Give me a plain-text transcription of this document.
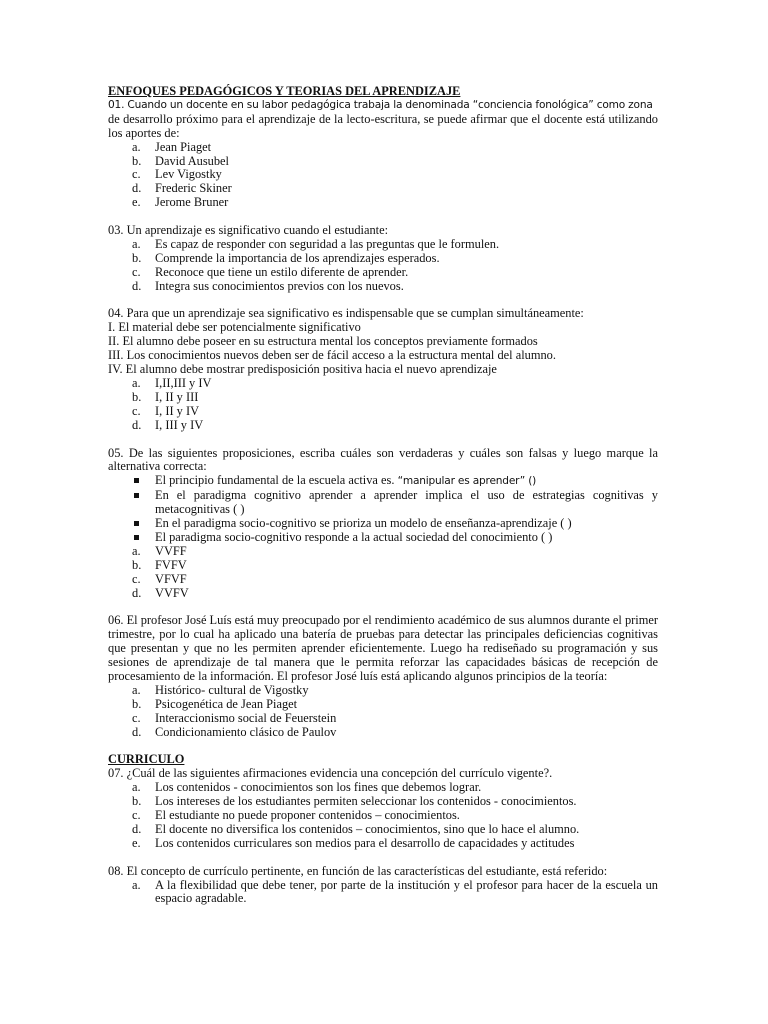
ENFOQUES PEDAGÓGICOS Y TEORIAS DEL APRENDIZAJE

01. Cuando un docente en su labor pedagógica trabaja la denominada “conciencia fonológica” como zona

de desarrollo próximo para el aprendizaje de la lecto-escritura, se puede afirmar que el docente está utilizando los aportes de:

a. Jean Piaget
b. David Ausubel
c. Lev Vigostky
d. Frederic Skiner
e. Jerome Bruner

03. Un aprendizaje es significativo cuando el estudiante:

a. Es capaz de responder con seguridad a las preguntas que le formulen.
b. Comprende la importancia de los aprendizajes esperados.
c. Reconoce que tiene un estilo diferente de aprender.
d. Integra sus conocimientos previos con los nuevos.

04. Para que un aprendizaje sea significativo es indispensable que se cumplan simultáneamente:

I. El material debe ser potencialmente significativo

II. El alumno debe poseer en su estructura mental los conceptos previamente formados

III. Los conocimientos nuevos deben ser de fácil acceso a la estructura mental del alumno.

IV. El alumno debe mostrar predisposición positiva hacia el nuevo aprendizaje

a. I,II,III y IV
b. I, II y III
c. I, II y IV
d. I, III y IV

05. De las siguientes proposiciones, escriba cuáles son verdaderas y cuáles son falsas y luego marque la alternativa correcta:

El principio fundamental de la escuela activa es. “manipular es aprender” ()
En el paradigma cognitivo aprender a aprender implica el uso de estrategias cognitivas y metacognitivas ( )
En el paradigma socio-cognitivo se prioriza un modelo de enseñanza-aprendizaje ( )
El paradigma socio-cognitivo responde a la actual sociedad del conocimiento ( )
a. VVFF
b. FVFV
c. VFVF
d. VVFV

06. El profesor José Luís está muy preocupado por el rendimiento académico de sus alumnos durante el primer trimestre, por lo cual ha aplicado una batería de pruebas para detectar las principales deficiencias cognitivas que presentan y que no les permiten aprender eficientemente. Luego ha rediseñado su programación y sus sesiones de aprendizaje de tal manera que le permita reforzar las capacidades básicas de recepción de procesamiento de la información. El profesor José luís está aplicando algunos principios de la teoría:

a. Histórico- cultural de Vigostky
b. Psicogenética de Jean Piaget
c. Interaccionismo social de Feuerstein
d. Condicionamiento clásico de Paulov

CURRICULO

07. ¿Cuál de las siguientes afirmaciones evidencia una concepción del currículo vigente?.

a. Los contenidos - conocimientos son los fines que debemos lograr.
b. Los intereses de los estudiantes permiten seleccionar los contenidos - conocimientos.
c. El estudiante no puede proponer contenidos – conocimientos.
d. El docente no diversifica los contenidos – conocimientos, sino que lo hace el alumno.
e. Los contenidos curriculares son medios para el desarrollo de capacidades y actitudes

08. El concepto de currículo pertinente, en función de las características del estudiante, está referido:

a. A la flexibilidad que debe tener, por parte de la institución y el profesor para hacer de la escuela un espacio agradable.
